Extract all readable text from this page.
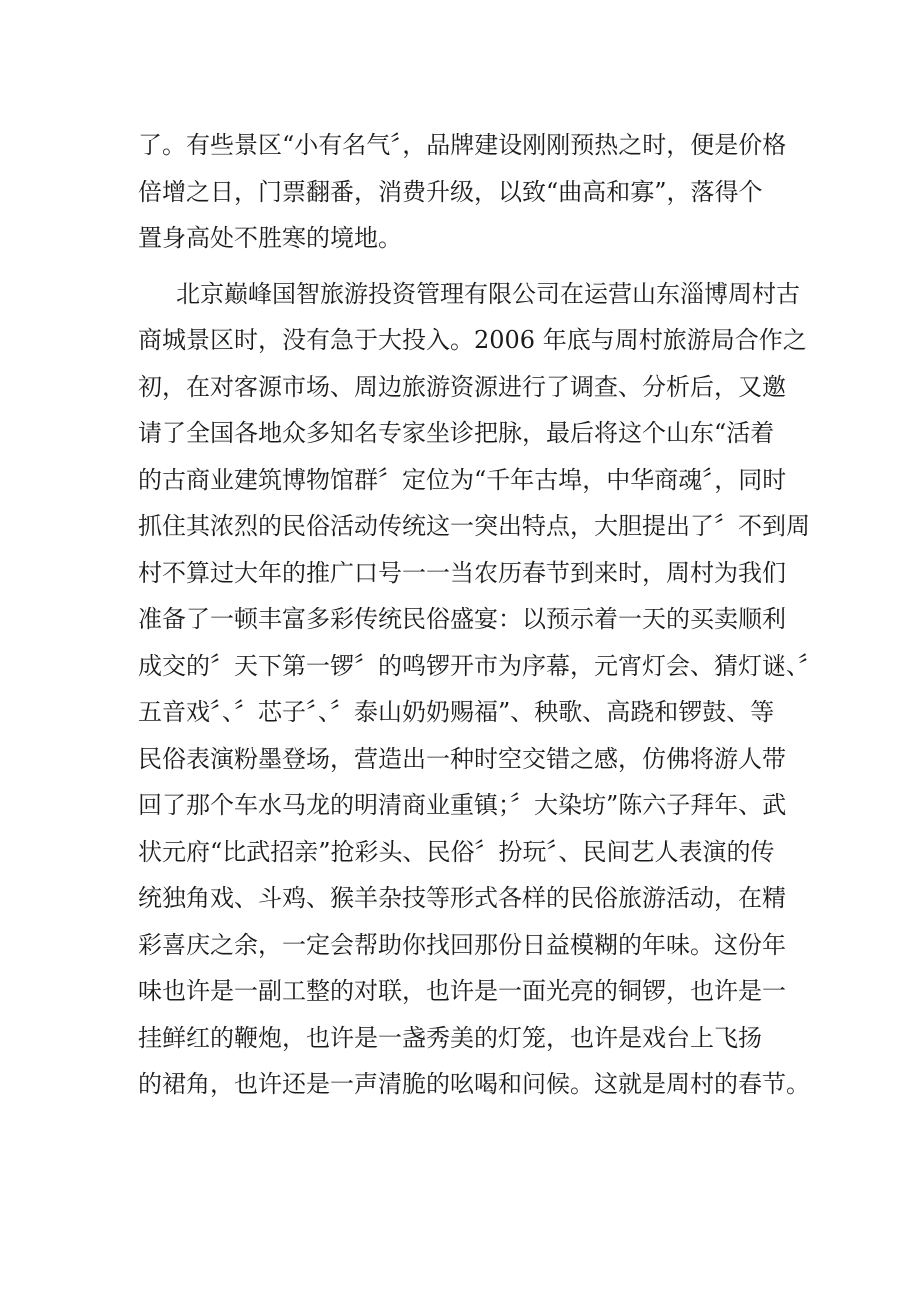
了。有些景区“小有名气〞，品牌建设刚刚预热之时，便是价格
倍增之日，门票翻番，消费升级，以致“曲高和寡”，落得个
置身高处不胜寒的境地。
北京巅峰国智旅游投资管理有限公司在运营山东淄博周村古
商城景区时，没有急于大投入。2006 年底与周村旅游局合作之
初，在对客源市场、周边旅游资源进行了调查、分析后，又邀
请了全国各地众多知名专家坐诊把脉，最后将这个山东“活着
的古商业建筑博物馆群〞定位为“千年古埠，中华商魂〞，同时
抓住其浓烈的民俗活动传统这一突出特点，大胆提出了〞不到周
村不算过大年的推广口号一一当农历春节到来时，周村为我们
准备了一顿丰富多彩传统民俗盛宴：以预示着一天的买卖顺利
成交的〞天下第一锣〞的鸣锣开市为序幕，元宵灯会、猜灯谜、〞
五音戏〞、〞芯子〞、〞泰山奶奶赐福”、秧歌、高跷和锣鼓、等
民俗表演粉墨登场，营造出一种时空交错之感，仿佛将游人带
回了那个车水马龙的明清商业重镇；〞大染坊”陈六子拜年、武
状元府“比武招亲”抢彩头、民俗〞扮玩〞、民间艺人表演的传
统独角戏、斗鸡、猴羊杂技等形式各样的民俗旅游活动，在精
彩喜庆之余，一定会帮助你找回那份日益模糊的年味。这份年
味也许是一副工整的对联，也许是一面光亮的铜锣，也许是一
挂鲜红的鞭炮，也许是一盏秀美的灯笼，也许是戏台上飞扬
的裙角，也许还是一声清脆的吆喝和问候。这就是周村的春节。
